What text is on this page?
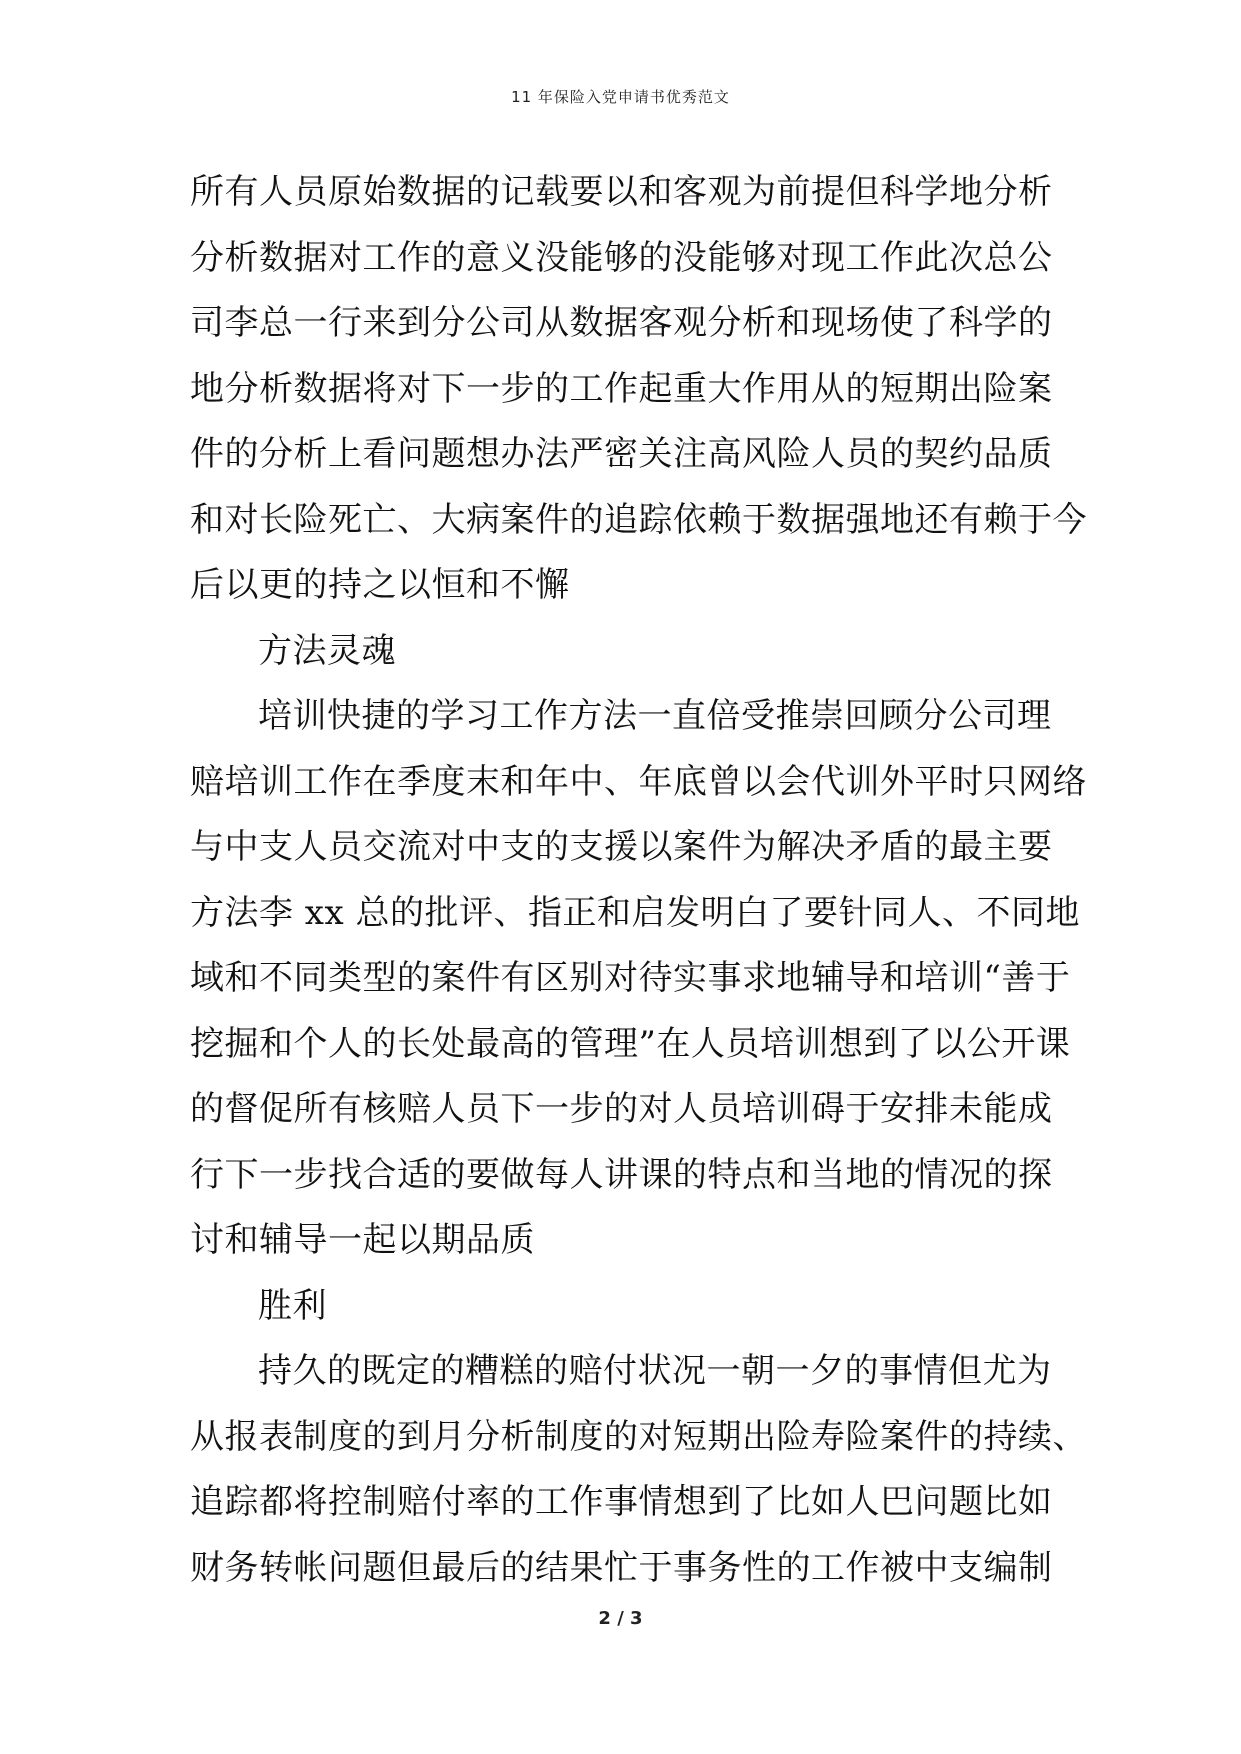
11 年保险入党申请书优秀范文
所有人员原始数据的记载要以和客观为前提但科学地分析
分析数据对工作的意义没能够的没能够对现工作此次总公
司李总一行来到分公司从数据客观分析和现场使了科学的
地分析数据将对下一步的工作起重大作用从的短期出险案
件的分析上看问题想办法严密关注高风险人员的契约品质
和对长险死亡、大病案件的追踪依赖于数据强地还有赖于今
后以更的持之以恒和不懈
方法灵魂
培训快捷的学习工作方法一直倍受推崇回顾分公司理
赔培训工作在季度末和年中、年底曾以会代训外平时只网络
与中支人员交流对中支的支援以案件为解决矛盾的最主要
方法李 xx 总的批评、指正和启发明白了要针同人、不同地
域和不同类型的案件有区别对待实事求地辅导和培训“善于
挖掘和个人的长处最高的管理”在人员培训想到了以公开课
的督促所有核赔人员下一步的对人员培训碍于安排未能成
行下一步找合适的要做每人讲课的特点和当地的情况的探
讨和辅导一起以期品质
胜利
持久的既定的糟糕的赔付状况一朝一夕的事情但尤为
从报表制度的到月分析制度的对短期出险寿险案件的持续、
追踪都将控制赔付率的工作事情想到了比如人巴问题比如
财务转帐问题但最后的结果忙于事务性的工作被中支编制
2 / 3
